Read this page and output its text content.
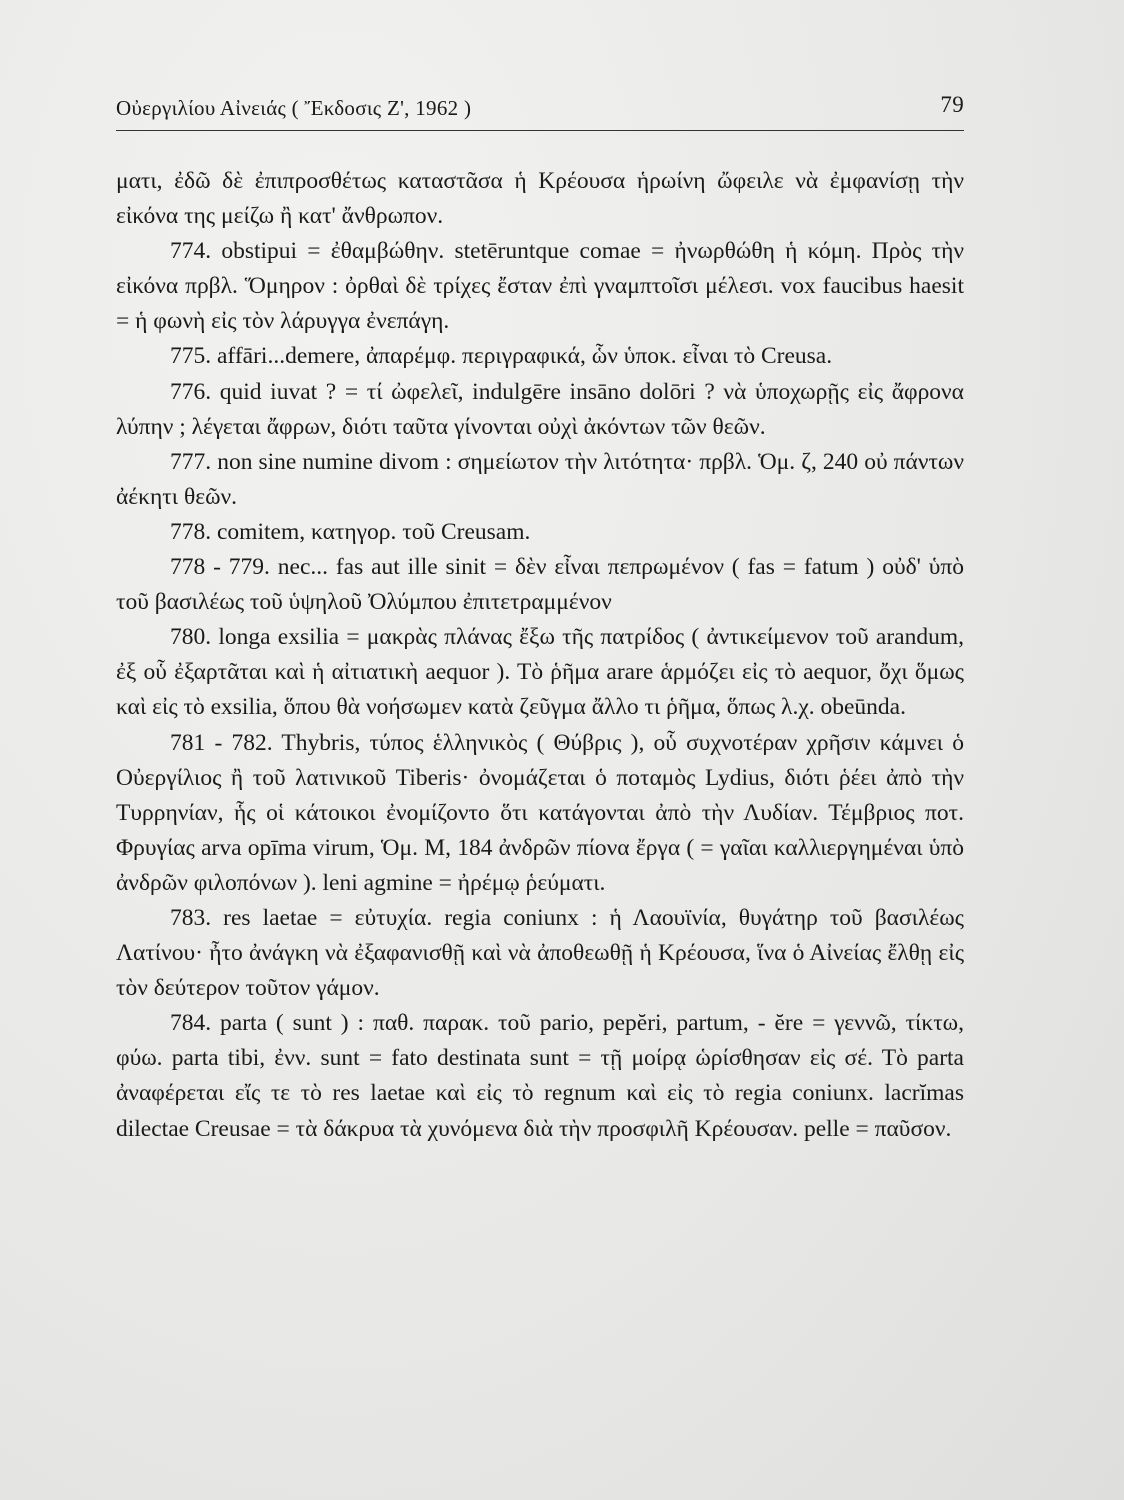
Οὐεργιλίου Αἰνειάς ( Ἔκδοσις Ζ', 1962 )	79

ματι, ἐδῶ δὲ ἐπιπροσθέτως καταστᾶσα ἡ Κρέουσα ἡρωίνη ὤφειλε νὰ ἐμφανίσῃ τὴν εἰκόνα της μείζω ἢ κατ' ἄνθρωπον.

774. obstipui = ἐθαμβώθην. stetēruntque comae = ἠνωρθώθη ἡ κόμη. Πρὸς τὴν εἰκόνα πρβλ. Ὅμηρον : ὀρθαὶ δὲ τρίχες ἔσταν ἐπὶ γναμπτοῖσι μέλεσι. vox faucibus haesit = ἡ φωνὴ εἰς τὸν λάρυγγα ἐνεπάγη.

775. affāri...demere, ἀπαρέμφ. περιγραφικά, ὧν ὑποκ. εἶναι τὸ Creusa.

776. quid iuvat ? = τί ὠφελεῖ, indulgēre insāno dolōri ? νὰ ὑποχωρῇς εἰς ἄφρονα λύπην ; λέγεται ἄφρων, διότι ταῦτα γίνονται οὐχὶ ἀκόντων τῶν θεῶν.

777. non sine numine divom : σημείωτον τὴν λιτότητα· πρβλ. Ὁμ. ζ, 240 οὐ πάντων ἀέκητι θεῶν.

778. comitem, κατηγορ. τοῦ Creusam.

778 - 779. nec... fas aut ille sinit = δὲν εἶναι πεπρωμένον ( fas = fatum ) οὐδ' ὑπὸ τοῦ βασιλέως τοῦ ὑψηλοῦ Ὀλύμπου ἐπιτετραμμένον

780. longa exsilia = μακρὰς πλάνας ἔξω τῆς πατρίδος ( ἀντικείμενον τοῦ arandum, ἐξ οὗ ἐξαρτᾶται καὶ ἡ αἰτιατικὴ aequor ). Τὸ ῥῆμα arare ἁρμόζει εἰς τὸ aequor, ὄχι ὅμως καὶ εἰς τὸ exsilia, ὅπου θὰ νοήσωμεν κατὰ ζεῦγμα ἄλλο τι ῥῆμα, ὅπως λ.χ. obeūnda.

781 - 782. Thybris, τύπος ἑλληνικὸς ( Θύβρις ), οὗ συχνοτέραν χρῆσιν κάμνει ὁ Οὐεργίλιος ἢ τοῦ λατινικοῦ Tiberis· ὀνομάζεται ὁ ποταμὸς Lydius, διότι ῥέει ἀπὸ τὴν Τυρρηνίαν, ἧς οἱ κάτοικοι ἐνομίζοντο ὅτι κατάγονται ἀπὸ τὴν Λυδίαν. Τέμβριος ποτ. Φρυγίας arva opīma virum, Ὁμ. Μ, 184 ἀνδρῶν πίονα ἔργα ( = γαῖαι καλλιεργημέναι ὑπὸ ἀνδρῶν φιλοπόνων ). leni agmine = ἠρέμῳ ῥεύματι.

783. res laetae = εὐτυχία. regia coniunx : ἡ Λαουϊνία, θυγάτηρ τοῦ βασιλέως Λατίνου· ἦτο ἀνάγκη νὰ ἐξαφανισθῇ καὶ νὰ ἀποθεωθῇ ἡ Κρέουσα, ἵνα ὁ Αἰνείας ἔλθῃ εἰς τὸν δεύτερον τοῦτον γάμον.

784. parta ( sunt ) : παθ. παρακ. τοῦ pario, pepĕri, partum, - ĕre = γεννῶ, τίκτω, φύω. parta tibi, ἐνν. sunt = fato destinata sunt = τῇ μοίρᾳ ὡρίσθησαν εἰς σέ. Τὸ parta ἀναφέρεται εἴς τε τὸ res laetae καὶ εἰς τὸ regnum καὶ εἰς τὸ regia coniunx. lacrĭmas dilectae Creusae = τὰ δάκρυα τὰ χυνόμενα διὰ τὴν προσφιλῆ Κρέουσαν. pelle = παῦσον.
